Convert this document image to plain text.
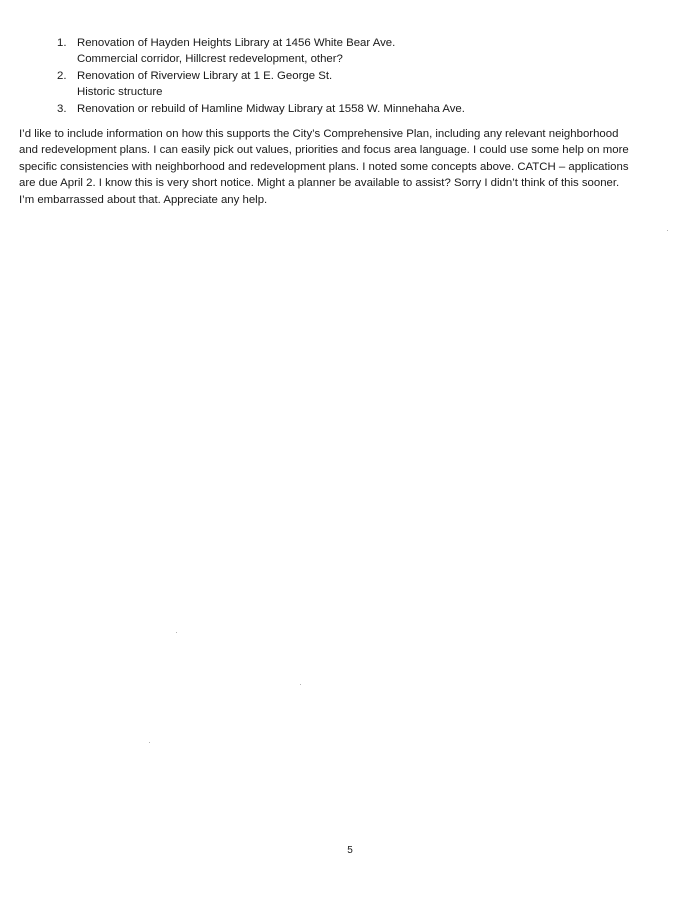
1. Renovation of Hayden Heights Library at 1456 White Bear Ave.
Commercial corridor, Hillcrest redevelopment, other?
2. Renovation of Riverview Library at 1 E. George St.
Historic structure
3. Renovation or rebuild of Hamline Midway Library at 1558 W. Minnehaha Ave.
I’d like to include information on how this supports the City’s Comprehensive Plan, including any relevant neighborhood
and redevelopment plans. I can easily pick out values, priorities and focus area language. I could use some help on more
specific consistencies with neighborhood and redevelopment plans. I noted some concepts above. CATCH – applications
are due April 2. I know this is very short notice. Might a planner be available to assist? Sorry I didn’t think of this sooner.
I’m embarrassed about that. Appreciate any help.
5
